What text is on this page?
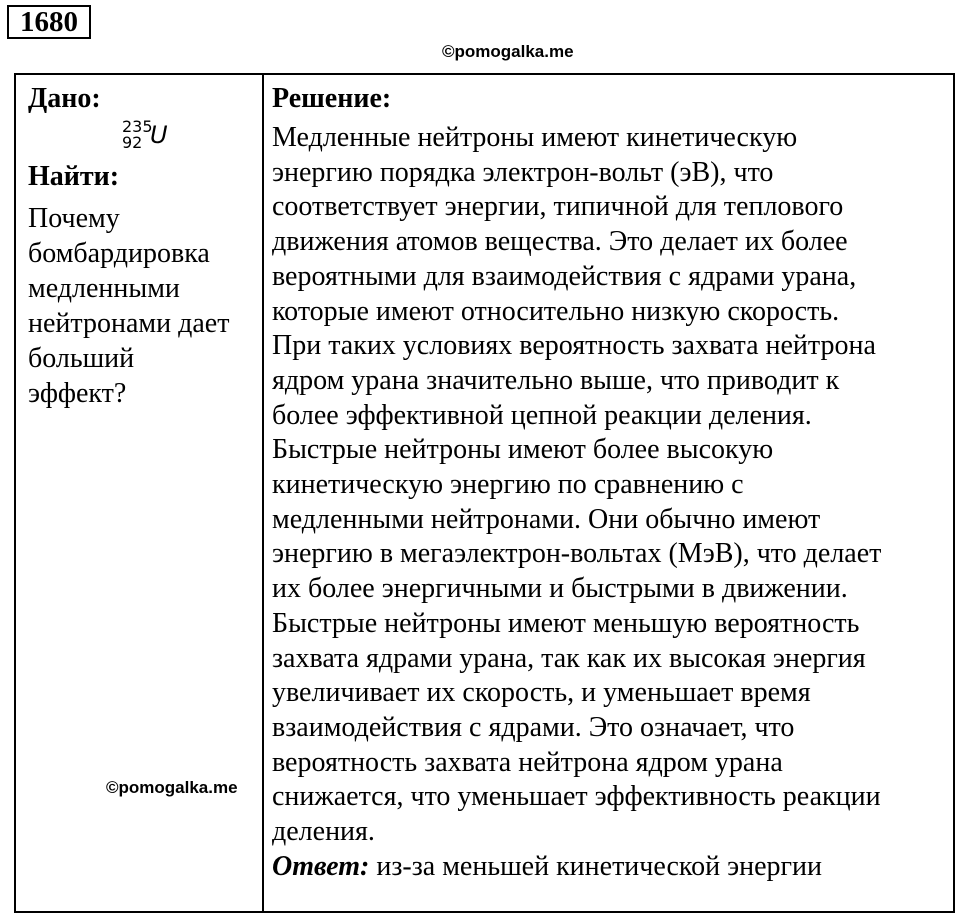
1680
©pomogalka.me
Дано:
235
92 U
Найти:
Почему
бомбардировка
медленными
нейтронами дает
больший
эффект?
Решение:
Медленные нейтроны имеют кинетическую
энергию порядка электрон-вольт (эВ), что
соответствует энергии, типичной для теплового
движения атомов вещества. Это делает их более
вероятными для взаимодействия с ядрами урана,
которые имеют относительно низкую скорость.
При таких условиях вероятность захвата нейтрона
ядром урана значительно выше, что приводит к
более эффективной цепной реакции деления.
Быстрые нейтроны имеют более высокую
кинетическую энергию по сравнению с
медленными нейтронами. Они обычно имеют
энергию в мегаэлектрон-вольтах (МэВ), что делает
их более энергичными и быстрыми в движении.
Быстрые нейтроны имеют меньшую вероятность
захвата ядрами урана, так как их высокая энергия
увеличивает их скорость, и уменьшает время
взаимодействия с ядрами. Это означает, что
вероятность захвата нейтрона ядром урана
снижается, что уменьшает эффективность реакции
деления.
Ответ: из-за меньшей кинетической энергии
©pomogalka.me
